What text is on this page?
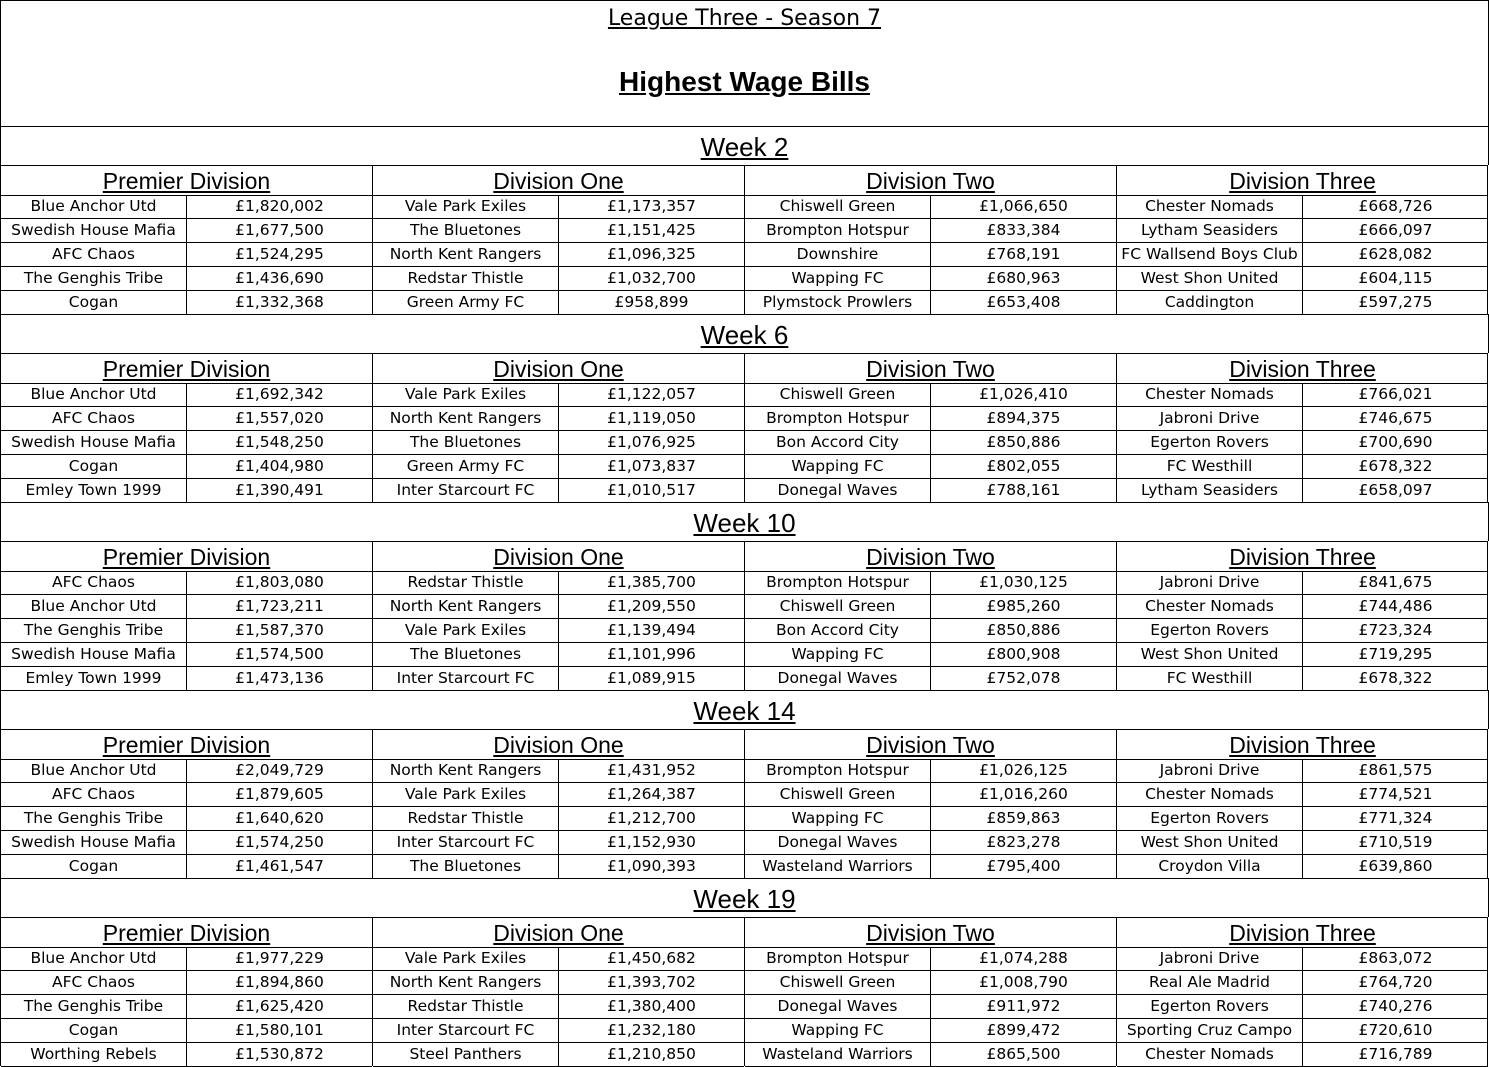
League Three - Season 7
Highest Wage Bills
Week 2
Premier Division
Blue Anchor Utd	£1,820,002
Swedish House Mafia	£1,677,500
AFC Chaos	£1,524,295
The Genghis Tribe	£1,436,690
Cogan	£1,332,368
Division One
Vale Park Exiles	£1,173,357
The Bluetones	£1,151,425
North Kent Rangers	£1,096,325
Redstar Thistle	£1,032,700
Green Army FC	£958,899
Division Two
Chiswell Green	£1,066,650
Brompton Hotspur	£833,384
Downshire	£768,191
Wapping FC	£680,963
Plymstock Prowlers	£653,408
Division Three
Chester Nomads	£668,726
Lytham Seasiders	£666,097
FC Wallsend Boys Club	£628,082
West Shon United	£604,115
Caddington	£597,275
Week 6
Premier Division
Blue Anchor Utd	£1,692,342
AFC Chaos	£1,557,020
Swedish House Mafia	£1,548,250
Cogan	£1,404,980
Emley Town 1999	£1,390,491
Division One
Vale Park Exiles	£1,122,057
North Kent Rangers	£1,119,050
The Bluetones	£1,076,925
Green Army FC	£1,073,837
Inter Starcourt FC	£1,010,517
Division Two
Chiswell Green	£1,026,410
Brompton Hotspur	£894,375
Bon Accord City	£850,886
Wapping FC	£802,055
Donegal Waves	£788,161
Division Three
Chester Nomads	£766,021
Jabroni Drive	£746,675
Egerton Rovers	£700,690
FC Westhill	£678,322
Lytham Seasiders	£658,097
Week 10
Premier Division
AFC Chaos	£1,803,080
Blue Anchor Utd	£1,723,211
The Genghis Tribe	£1,587,370
Swedish House Mafia	£1,574,500
Emley Town 1999	£1,473,136
Division One
Redstar Thistle	£1,385,700
North Kent Rangers	£1,209,550
Vale Park Exiles	£1,139,494
The Bluetones	£1,101,996
Inter Starcourt FC	£1,089,915
Division Two
Brompton Hotspur	£1,030,125
Chiswell Green	£985,260
Bon Accord City	£850,886
Wapping FC	£800,908
Donegal Waves	£752,078
Division Three
Jabroni Drive	£841,675
Chester Nomads	£744,486
Egerton Rovers	£723,324
West Shon United	£719,295
FC Westhill	£678,322
Week 14
Premier Division
Blue Anchor Utd	£2,049,729
AFC Chaos	£1,879,605
The Genghis Tribe	£1,640,620
Swedish House Mafia	£1,574,250
Cogan	£1,461,547
Division One
North Kent Rangers	£1,431,952
Vale Park Exiles	£1,264,387
Redstar Thistle	£1,212,700
Inter Starcourt FC	£1,152,930
The Bluetones	£1,090,393
Division Two
Brompton Hotspur	£1,026,125
Chiswell Green	£1,016,260
Wapping FC	£859,863
Donegal Waves	£823,278
Wasteland Warriors	£795,400
Division Three
Jabroni Drive	£861,575
Chester Nomads	£774,521
Egerton Rovers	£771,324
West Shon United	£710,519
Croydon Villa	£639,860
Week 19
Premier Division
Blue Anchor Utd	£1,977,229
AFC Chaos	£1,894,860
The Genghis Tribe	£1,625,420
Cogan	£1,580,101
Worthing Rebels	£1,530,872
Division One
Vale Park Exiles	£1,450,682
North Kent Rangers	£1,393,702
Redstar Thistle	£1,380,400
Inter Starcourt FC	£1,232,180
Steel Panthers	£1,210,850
Division Two
Brompton Hotspur	£1,074,288
Chiswell Green	£1,008,790
Donegal Waves	£911,972
Wapping FC	£899,472
Wasteland Warriors	£865,500
Division Three
Jabroni Drive	£863,072
Real Ale Madrid	£764,720
Egerton Rovers	£740,276
Sporting Cruz Campo	£720,610
Chester Nomads	£716,789
